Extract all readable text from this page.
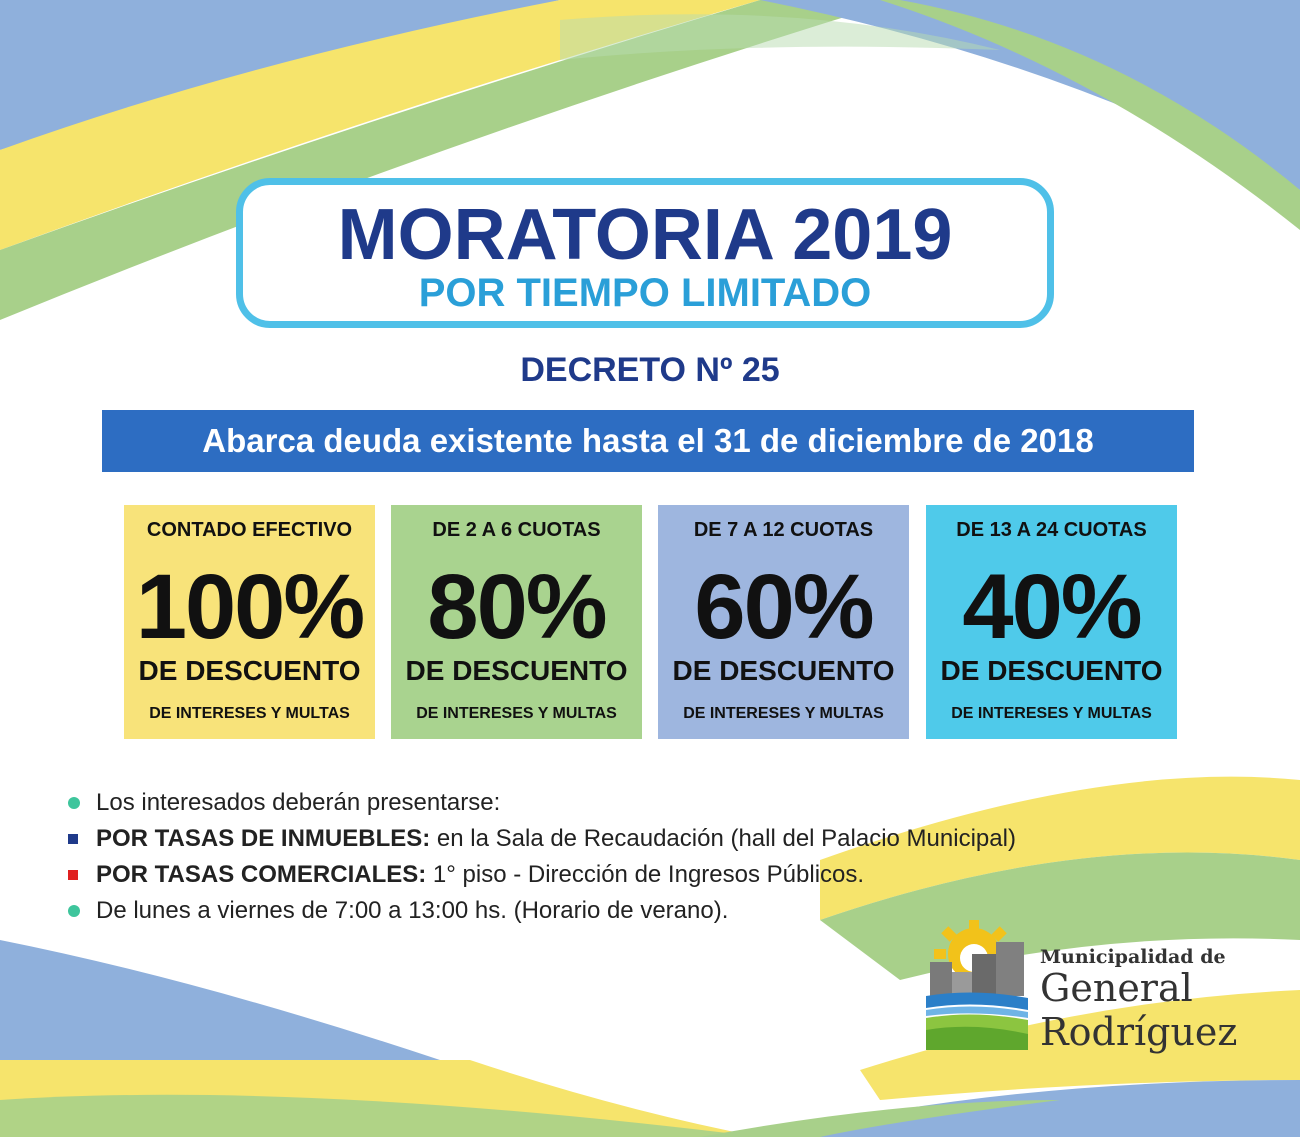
MORATORIA 2019
POR TIEMPO LIMITADO
DECRETO Nº 25
Abarca deuda existente hasta el 31 de diciembre de 2018
CONTADO EFECTIVO
100%
DE DESCUENTO
DE INTERESES Y MULTAS
DE 2 A 6 CUOTAS
80%
DE DESCUENTO
DE INTERESES Y MULTAS
DE 7 A 12 CUOTAS
60%
DE DESCUENTO
DE INTERESES Y MULTAS
DE 13 A 24 CUOTAS
40%
DE DESCUENTO
DE INTERESES Y MULTAS
Los interesados deberán presentarse:
POR TASAS DE INMUEBLES: en la Sala de Recaudación (hall del Palacio Municipal)
POR TASAS COMERCIALES: 1° piso - Dirección de Ingresos Públicos.
De lunes a viernes de 7:00 a 13:00 hs. (Horario de verano).
Municipalidad de
General
Rodríguez
